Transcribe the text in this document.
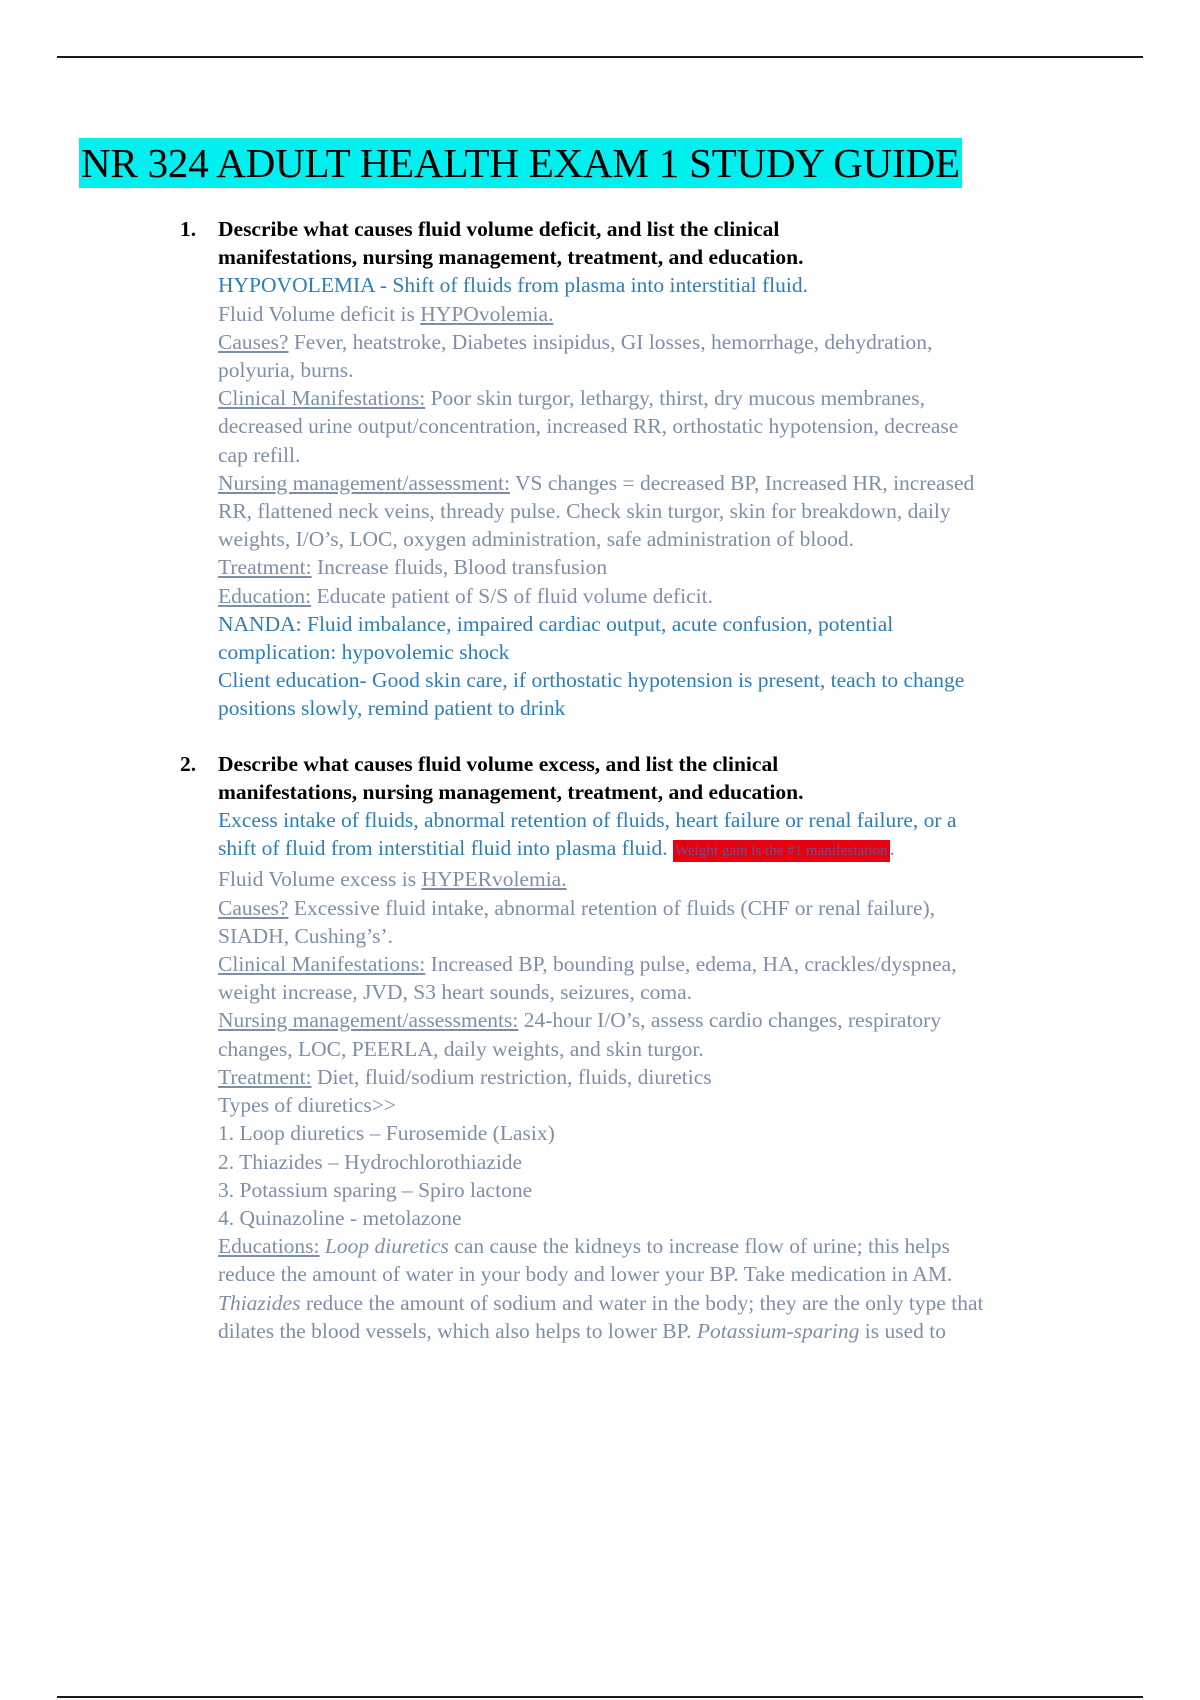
NR 324 ADULT HEALTH EXAM 1 STUDY GUIDE
1. Describe what causes fluid volume deficit, and list the clinical
manifestations, nursing management, treatment, and education.
HYPOVOLEMIA - Shift of fluids from plasma into interstitial fluid.
Fluid Volume deficit is HYPOvolemia.
Causes? Fever, heatstroke, Diabetes insipidus, GI losses, hemorrhage, dehydration,
polyuria, burns.
Clinical Manifestations: Poor skin turgor, lethargy, thirst, dry mucous membranes,
decreased urine output/concentration, increased RR, orthostatic hypotension, decrease
cap refill.
Nursing management/assessment: VS changes = decreased BP, Increased HR, increased
RR, flattened neck veins, thready pulse. Check skin turgor, skin for breakdown, daily
weights, I/O’s, LOC, oxygen administration, safe administration of blood.
Treatment: Increase fluids, Blood transfusion
Education: Educate patient of S/S of fluid volume deficit.
NANDA: Fluid imbalance, impaired cardiac output, acute confusion, potential
complication: hypovolemic shock
Client education- Good skin care, if orthostatic hypotension is present, teach to change
positions slowly, remind patient to drink
2. Describe what causes fluid volume excess, and list the clinical
manifestations, nursing management, treatment, and education.
Excess intake of fluids, abnormal retention of fluids, heart failure or renal failure, or a
shift of fluid from interstitial fluid into plasma fluid. Weight gain is the #1 manifestation.
Fluid Volume excess is HYPERvolemia.
Causes? Excessive fluid intake, abnormal retention of fluids (CHF or renal failure),
SIADH, Cushing’s’.
Clinical Manifestations: Increased BP, bounding pulse, edema, HA, crackles/dyspnea,
weight increase, JVD, S3 heart sounds, seizures, coma.
Nursing management/assessments: 24-hour I/O’s, assess cardio changes, respiratory
changes, LOC, PEERLA, daily weights, and skin turgor.
Treatment: Diet, fluid/sodium restriction, fluids, diuretics
Types of diuretics>>
1. Loop diuretics – Furosemide (Lasix)
2. Thiazides – Hydrochlorothiazide
3. Potassium sparing – Spiro lactone
4. Quinazoline - metolazone
Educations: Loop diuretics can cause the kidneys to increase flow of urine; this helps
reduce the amount of water in your body and lower your BP. Take medication in AM.
Thiazides reduce the amount of sodium and water in the body; they are the only type that
dilates the blood vessels, which also helps to lower BP. Potassium-sparing is used to
